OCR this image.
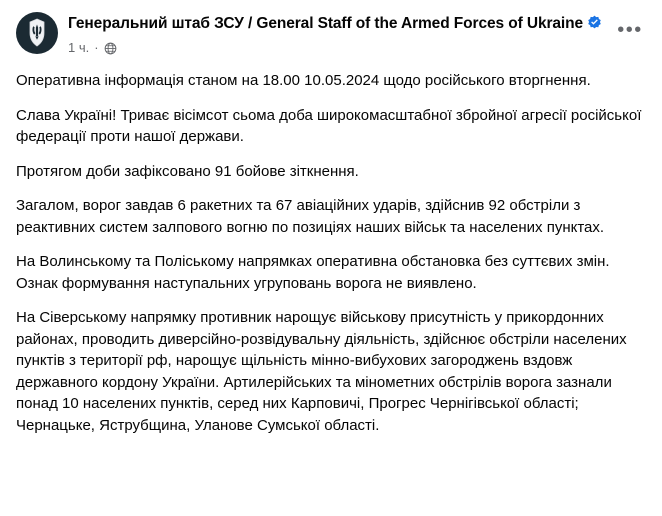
Генеральний штаб ЗСУ / General Staff of the Armed Forces of Ukraine
1 ч. ·
•••

Оперативна інформація станом на 18.00 10.05.2024 щодо російського вторгнення.

Слава Україні! Триває вісімсот сьома доба широкомасштабної збройної агресії російської федерації проти нашої держави.

Протягом доби зафіксовано 91 бойове зіткнення.

Загалом, ворог завдав 6 ракетних та 67 авіаційних ударів, здійснив 92 обстріли з реактивних систем залпового вогню по позиціях наших військ та населених пунктах.

На Волинському та Поліському напрямках оперативна обстановка без суттєвих змін. Ознак формування наступальних угруповань ворога не виявлено.

На Сіверському напрямку противник нарощує військову присутність у прикордонних районах, проводить диверсійно-розвідувальну діяльність, здійснює обстріли населених пунктів з території рф, нарощує щільність мінно-вибухових загороджень вздовж державного кордону України. Артилерійських та мінометних обстрілів ворога зазнали понад 10 населених пунктів, серед них Карповичі, Прогрес Чернігівської області; Чернацьке, Яструбщина, Уланове Сумської області.
